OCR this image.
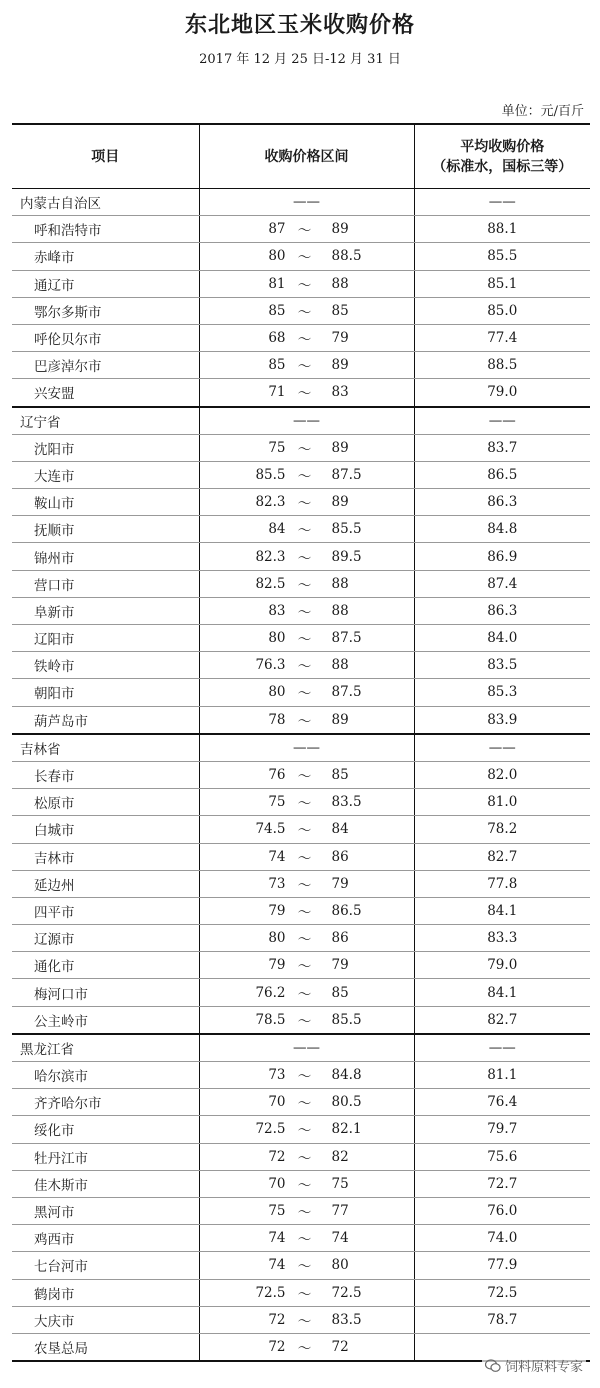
东北地区玉米收购价格
2017 年 12 月 25 日-12 月 31 日
单位：元/百斤
项目	收购价格区间	平均收购价格
（标准水，国标三等）

内蒙古自治区	——	——

呼和浩特市	87 ～ 89	88.1
赤峰市	80 ～ 88.5	85.5
通辽市	81 ～ 88	85.1
鄂尔多斯市	85 ～ 85	85.0
呼伦贝尔市	68 ～ 79	77.4
巴彦淖尔市	85 ～ 89	88.5
兴安盟	71 ～ 83	79.0
辽宁省	——	——

沈阳市	75 ～ 89	83.7
大连市	85.5 ～ 87.5	86.5
鞍山市	82.3 ～ 89	86.3
抚顺市	84 ～ 85.5	84.8
锦州市	82.3 ～ 89.5	86.9
营口市	82.5 ～ 88	87.4
阜新市	83 ～ 88	86.3
辽阳市	80 ～ 87.5	84.0
铁岭市	76.3 ～ 88	83.5
朝阳市	80 ～ 87.5	85.3
葫芦岛市	78 ～ 89	83.9
吉林省	——	——

长春市	76 ～ 85	82.0
松原市	75 ～ 83.5	81.0
白城市	74.5 ～ 84	78.2
吉林市	74 ～ 86	82.7
延边州	73 ～ 79	77.8
四平市	79 ～ 86.5	84.1
辽源市	80 ～ 86	83.3
通化市	79 ～ 79	79.0
梅河口市	76.2 ～ 85	84.1
公主岭市	78.5 ～ 85.5	82.7
黑龙江省	——	——

哈尔滨市	73 ～ 84.8	81.1
齐齐哈尔市	70 ～ 80.5	76.4
绥化市	72.5 ～ 82.1	79.7
牡丹江市	72 ～ 82	75.6
佳木斯市	70 ～ 75	72.7
黑河市	75 ～ 77	76.0
鸡西市	74 ～ 74	74.0
七台河市	74 ～ 80	77.9
鹤岗市	72.5 ～ 72.5	72.5
大庆市	72 ～ 83.5	78.7
农垦总局	72 ～ 72	

饲料原料专家
